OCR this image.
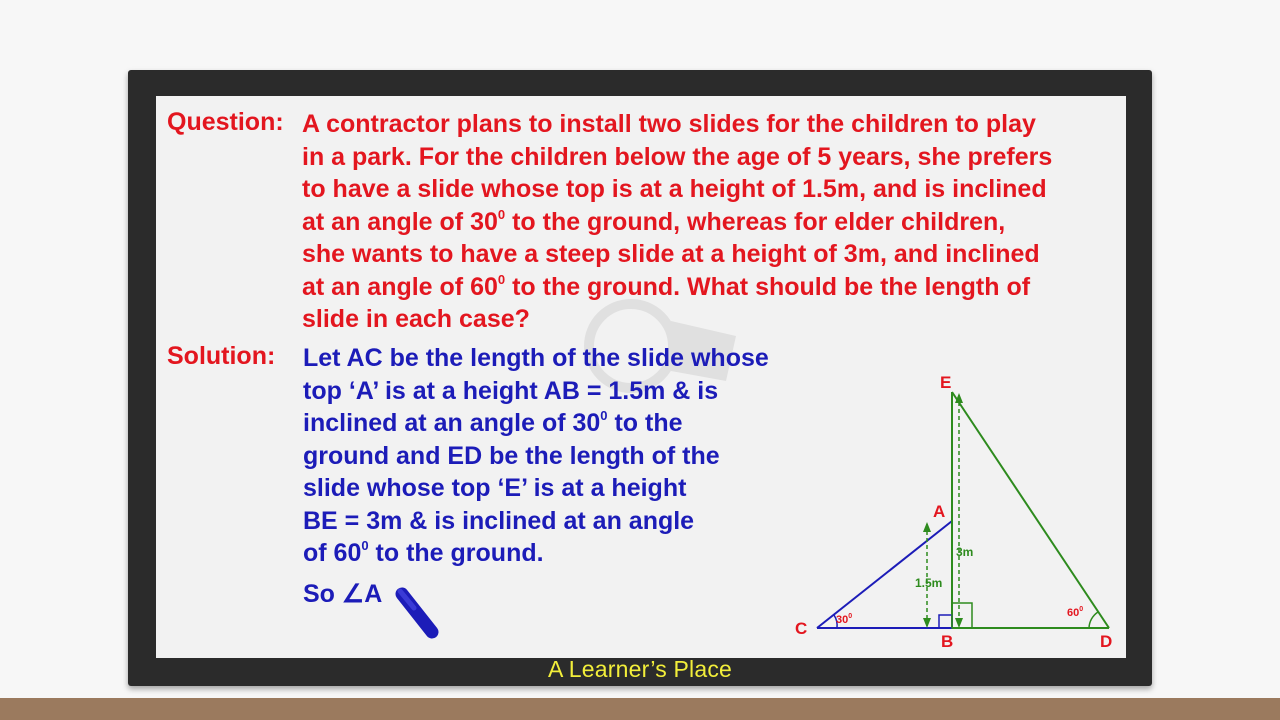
Question: A contractor plans to install two slides for the children to play
in a park. For the children below the age of 5 years, she prefers
to have a slide whose top is at a height of 1.5m, and is inclined
at an angle of $30^0$ to the ground, whereas for elder children,
she wants to have a steep slide at a height of 3m, and inclined
at an angle of $60^0$ to the ground. What should be the length of
slide in each case?
Solution: Let AC be the length of the slide whose
top ‘A’ is at a height AB = 1.5m & is
inclined at an angle of $30^0$ to the
ground and ED be the length of the
slide whose top ‘E’ is at a height
BE = 3m & is inclined at an angle
of $60^0$ to the ground.
So ∠A
E
A
C
B	D
1.5m
3m
$30^0$	$60^0$
A Learner’s Place
